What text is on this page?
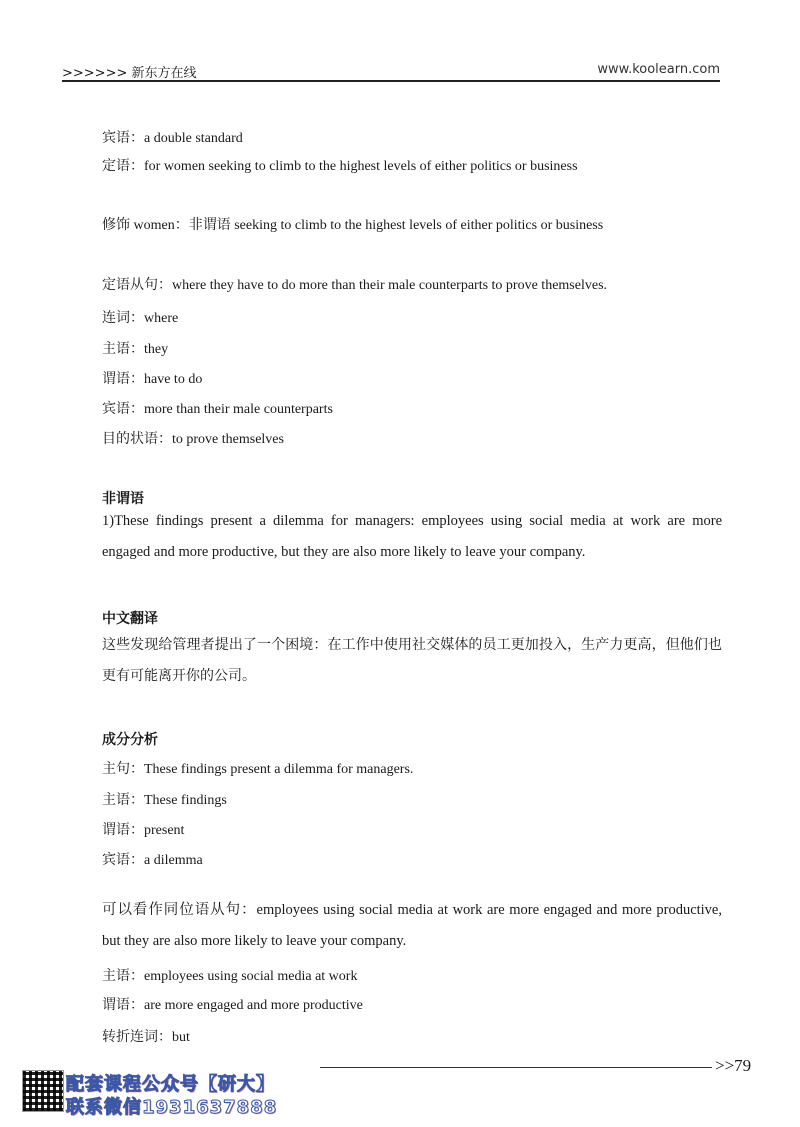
>>>>>> 新东方在线	www.koolearn.com
宾语：a double standard
定语：for women seeking to climb to the highest levels of either politics or business
修饰 women：非谓语 seeking to climb to the highest levels of either politics or business
定语从句：where they have to do more than their male counterparts to prove themselves.
连词：where
主语：they
谓语：have to do
宾语：more than their male counterparts
目的状语：to prove themselves
非谓语
1)These findings present a dilemma for managers: employees using social media at work are more engaged and more productive, but they are also more likely to leave your company.
中文翻译
这些发现给管理者提出了一个困境：在工作中使用社交媒体的员工更加投入，生产力更高，但他们也更有可能离开你的公司。
成分分析
主句：These findings present a dilemma for managers.
主语：These findings
谓语：present
宾语：a dilemma
可以看作同位语从句：employees using social media at work are more engaged and more productive, but they are also more likely to leave your company.
主语：employees using social media at work
谓语：are more engaged and more productive
转折连词：but
>>79
配套课程公众号【研大】
联系微信1931637888
